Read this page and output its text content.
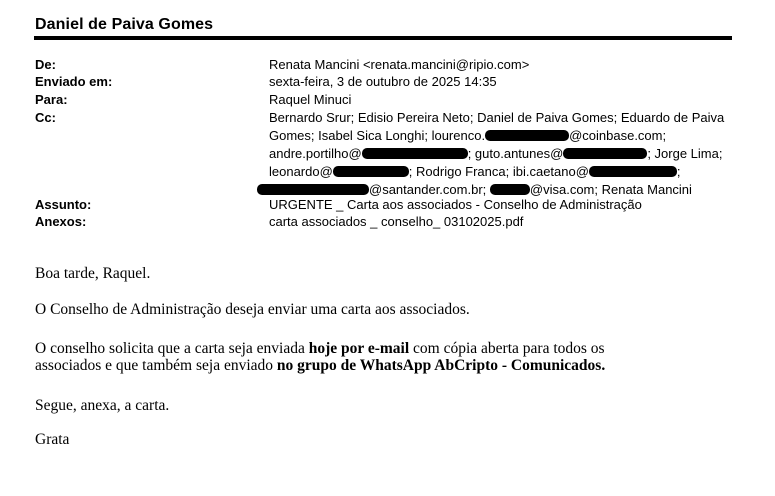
Daniel de Paiva Gomes
De:	Renata Mancini <renata.mancini@ripio.com>
Enviado em:	sexta-feira, 3 de outubro de 2025 14:35
Para:	Raquel Minuci
Cc:	Bernardo Srur; Edisio Pereira Neto; Daniel de Paiva Gomes; Eduardo de Paiva
Gomes; Isabel Sica Longhi; lourenco.	@coinbase.com;
andre.portilho@	; guto.antunes@	; Jorge Lima;
leonardo@	; Rodrigo Franca; ibi.caetano@	;
@santander.com.br;	@visa.com; Renata Mancini
Assunto:	URGENTE _ Carta aos associados - Conselho de Administração
Anexos:	carta associados _ conselho_ 03102025.pdf
Boa tarde, Raquel.
O Conselho de Administração deseja enviar uma carta aos associados.
O conselho solicita que a carta seja enviada hoje por e-mail com cópia aberta para todos os
associados e que também seja enviado no grupo de WhatsApp AbCripto - Comunicados.
Segue, anexa, a carta.
Grata
